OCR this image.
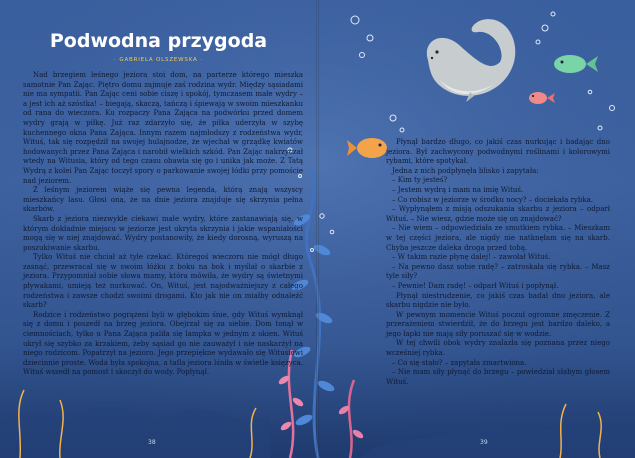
Podwodna przygoda
· GABRIELA OLSZEWSKA ·

Nad brzegiem leśnego jeziora stoi dom, na parterze którego mieszka samotnie Pan Zając. Piętro domu zajmuje zaś rodzina wydr. Między sąsiadami nie ma sympatii. Pan Zając ceni sobie ciszę i spokój, tymczasem małe wydry – a jest ich aż szóstka! – biegają, skaczą, tańczą i śpiewają w swoim mieszkanku od rana do wieczora. Ku rozpaczy Pana Zająca na podwórku przed domem wydry grają w piłkę. Już raz zdarzyło się, że piłka uderzyła w szybę kuchennego okna Pana Zająca. Innym razem najmłodszy z rodzeństwa wydr, Wituś, tak się rozpędził na swojej hulajnodze, że wjechał w grządkę kwiatów hodowanych przez Pana Zająca i narobił wielkich szkód. Pan Zając nakrzyczał wtedy na Witusia, który od tego czasu obawia się go i unika jak może. Z Tatą Wydrą z kolei Pan Zając toczył spory o parkowanie swojej łódki przy pomoście nad jeziorem.

Z leśnym jeziorem wiąże się pewna legenda, którą znają wszyscy mieszkańcy lasu. Głosi ona, że na dnie jeziora znajduje się skrzynia pełna skarbów.

Skarb z jeziora niezwykle ciekawi małe wydry, które zastanawiają się, w którym dokładnie miejscu w jeziorze jest ukryta skrzynia i jakie wspaniałości mogą się w niej znajdować. Wydry postanowiły, że kiedy dorosną, wyruszą na poszukiwanie skarbu.

Tylko Wituś nie chciał aż tyle czekać. Któregoś wieczoru nie mógł długo zasnąć, przewracał się w swoim łóżku z boku na bok i myślał o skarbie z jeziora. Przypomniał sobie słowa mamy, która mówiła, że wydry są świetnymi pływakami, umieją też nurkować. On, Wituś, jest najodważniejszy z całego rodzeństwa i zawsze chodzi swoimi drogami. Kto jak nie on miałby odnaleźć skarb?

Rodzice i rodzeństwo pogrążeni byli w głębokim śnie, gdy Wituś wymknął się z domu i poszedł na brzeg jeziora. Obejrzał się za siebie. Dom tonął w ciemnościach, tylko u Pana Zająca paliła się lampka w jednym z okien. Wituś ukrył się szybko za krzakiem, żeby sąsiad go nie zauważył i nie naskarżył na niego rodzicom. Popatrzył na jezioro. Jego przepiękne wydawało się Witusiowi dziecinnie proste. Woda była spokojna, a tafla jeziora lśniła w świetle księżyca. Wituś wszedł na pomost i skoczył do wody. Popłynął.

38

Płynął bardzo długo, co jakiś czas nurkując i badając dno jeziora. Był zachwycony podwodnymi roślinami i kolorowymi rybami, które spotykał.

Jedna z nich podpłynęła blisko i zapytała:

– Kim ty jesteś?

– Jestem wydrą i mam na imię Wituś.

– Co robisz w jeziorze w środku nocy? – dociekała rybka.

– Wypłynąłem z misją odszukania skarbu z jeziora – odparł Wituś. – Nie wiesz, gdzie może się on znajdować?

– Nie wiem – odpowiedziała ze smutkiem rybka. – Mieszkam w tej części jeziora, ale nigdy nie natknęłam się na skarb. Chyba jeszcze daleka droga przed tobą.

– W takim razie płynę dalej! – zawołał Wituś.

– Na pewno dasz sobie radę? – zatroskała się rybka. – Masz tyle siły?

– Pewnie! Dam radę! – odparł Wituś i popłynął.

Płynął niestrudzenie, co jakiś czas badał dno jeziora, ale skarbu nigdzie nie było.

W pewnym momencie Wituś poczuł ogromne zmęczenie. Z przerażeniem stwierdził, że do brzegu jest bardzo daleko, a jego łapki nie mają siły poruszać się w wodzie.

W tej chwili obok wydry znalazła się poznana przez niego wcześniej rybka.

– Co się stało? – zapytała zmartwiona.

– Nie mam siły płynąć do brzegu – powiedział słabym głosem Wituś.

39
